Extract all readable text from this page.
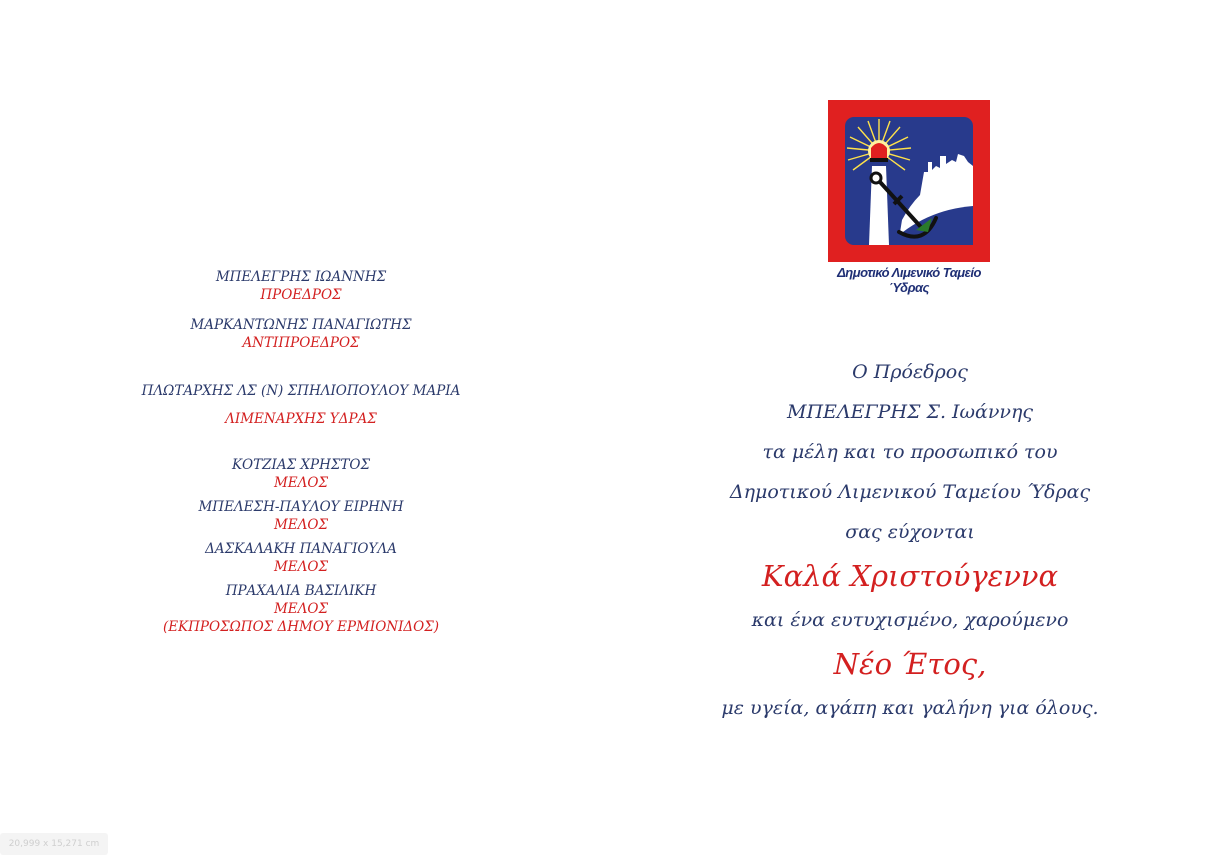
ΜΠΕΛΕΓΡΗΣ ΙΩΑΝΝΗΣ
ΠΡΟΕΔΡΟΣ
ΜΑΡΚΑΝΤΩΝΗΣ ΠΑΝΑΓΙΩΤΗΣ
ΑΝΤΙΠΡΟΕΔΡΟΣ
ΠΛΩΤΑΡΧΗΣ ΛΣ (Ν) ΣΠΗΛΙΟΠΟΥΛΟΥ ΜΑΡΙΑ
ΛΙΜΕΝΑΡΧΗΣ ΥΔΡΑΣ
ΚΟΤΖΙΑΣ ΧΡΗΣΤΟΣ
ΜΕΛΟΣ
ΜΠΕΛΕΣΗ-ΠΑΥΛΟΥ ΕΙΡΗΝΗ
ΜΕΛΟΣ
ΔΑΣΚΑΛΑΚΗ ΠΑΝΑΓΙΟΥΛΑ
ΜΕΛΟΣ
ΠΡΑΧΑΛΙΑ ΒΑΣΙΛΙΚΗ
ΜΕΛΟΣ
(ΕΚΠΡΟΣΩΠΟΣ ΔΗΜΟΥ ΕΡΜΙΟΝΙΔΟΣ)
Δημοτικό Λιμενικό Ταμείο Ύδρας
Ο Πρόεδρος
ΜΠΕΛΕΓΡΗΣ Σ. Ιωάννης
τα μέλη και το προσωπικό του
Δημοτικού Λιμενικού Ταμείου Ύδρας
σας εύχονται
Καλά Χριστούγεννα
και ένα ευτυχισμένο, χαρούμενο
Νέο Έτος,
με υγεία, αγάπη και γαλήνη για όλους.
20,999 x 15,271 cm
